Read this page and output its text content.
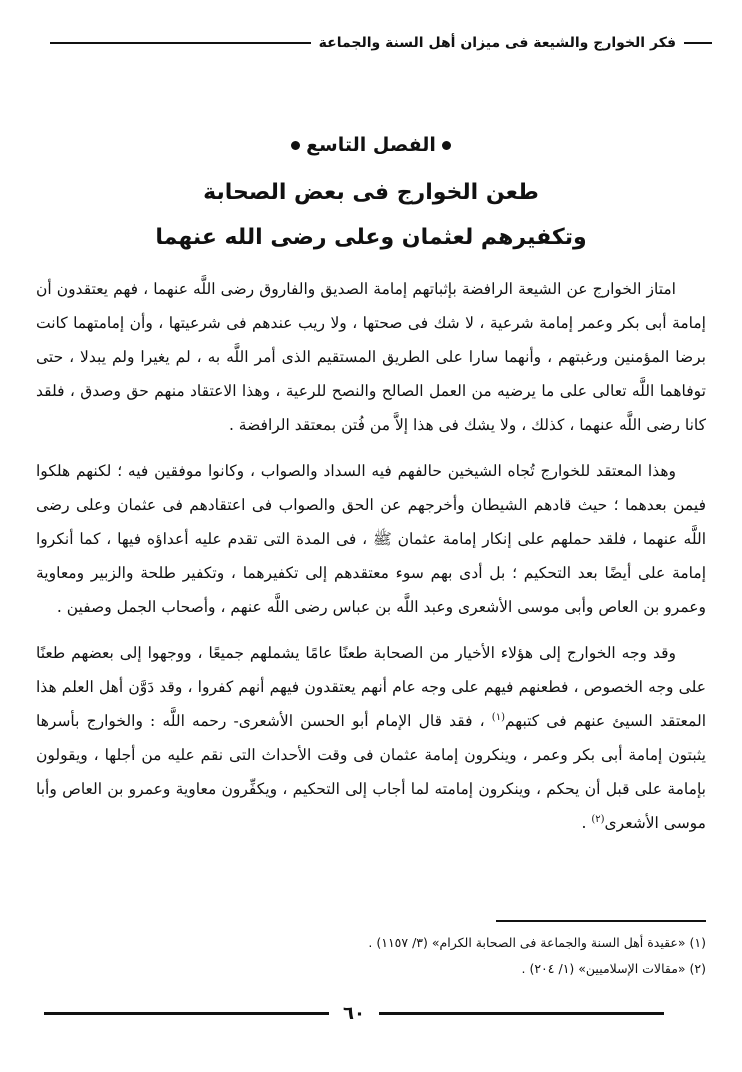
فكر الخوارج والشيعة فى ميزان أهل السنة والجماعة
الفصل التاسع
طعن الخوارج فى بعض الصحابة
وتكفيرهم لعثمان وعلى رضى الله عنهما

امتاز الخوارج عن الشيعة الرافضة بإثباتهم إمامة الصديق والفاروق رضى اللَّه عنهما ، فهم يعتقدون أن إمامة أبى بكر وعمر إمامة شرعية ، لا شك فى صحتها ، ولا ريب عندهم فى شرعيتها ، وأن إمامتهما كانت برضا المؤمنين ورغبتهم ، وأنهما سارا على الطريق المستقيم الذى أمر اللَّه به ، لم يغيرا ولم يبدلا ، حتى توفاهما اللَّه تعالى على ما يرضيه من العمل الصالح والنصح للرعية ، وهذا الاعتقاد منهم حق وصدق ، فلقد كانا رضى اللَّه عنهما ، كذلك ، ولا يشك فى هذا إلاَّ من فُتن بمعتقد الرافضة .

وهذا المعتقد للخوارج تُجاه الشيخين حالفهم فيه السداد والصواب ، وكانوا موفقين فيه ؛ لكنهم هلكوا فيمن بعدهما ؛ حيث قادهم الشيطان وأخرجهم عن الحق والصواب فى اعتقادهم فى عثمان وعلى رضى اللَّه عنهما ، فلقد حملهم على إنكار إمامة عثمان ﷺ ، فى المدة التى تقدم عليه أعداؤه فيها ، كما أنكروا إمامة على أيضًا بعد التحكيم ؛ بل أدى بهم سوء معتقدهم إلى تكفيرهما ، وتكفير طلحة والزبير ومعاوية وعمرو بن العاص وأبى موسى الأشعرى وعبد اللَّه بن عباس رضى اللَّه عنهم ، وأصحاب الجمل وصفين .

وقد وجه الخوارج إلى هؤلاء الأخيار من الصحابة طعنًا عامًا يشملهم جميعًا ، ووجهوا إلى بعضهم طعنًا على وجه الخصوص ، فطعنهم فيهم على وجه عام أنهم يعتقدون فيهم أنهم كفروا ، وقد دَوَّن أهل العلم هذا المعتقد السيئ عنهم فى كتبهم$^{(١)}$ ، فقد قال الإمام أبو الحسن الأشعرى- رحمه اللَّه : والخوارج بأسرها يثبتون إمامة أبى بكر وعمر ، وينكرون إمامة عثمان فى وقت الأحداث التى نقم عليه من أجلها ، ويقولون بإمامة على قبل أن يحكم ، وينكرون إمامته لما أجاب إلى التحكيم ، ويكفِّرون معاوية وعمرو بن العاص وأبا موسى الأشعرى$^{(٢)}$ .

(١) «عقيدة أهل السنة والجماعة فى الصحابة الكرام» (٣/ ١١٥٧) .
(٢) «مقالات الإسلاميين» (١/ ٢٠٤) .
٦٠
